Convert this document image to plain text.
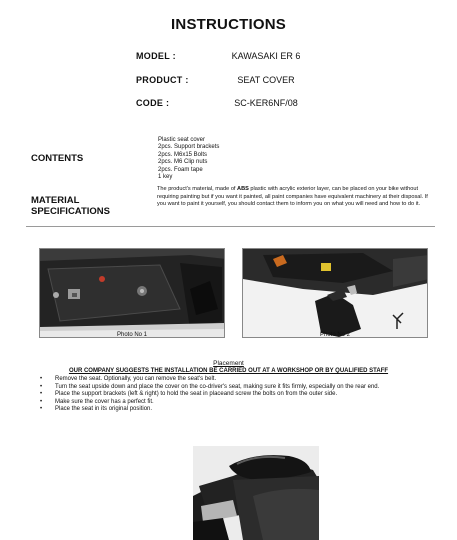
INSTRUCTIONS
MODEL :	KAWASAKI ER 6
PRODUCT :	SEAT COVER
CODE :	SC-KER6NF/08
CONTENTS
Plastic seat cover
2pcs. Support brackets
2pcs. M6x15 Bolts
2pcs. M6 Clip nuts
2pcs. Foam tape
1 key
MATERIAL
SPECIFICATIONS
The product's material, made of ABS plastic with acrylic exterior layer, can be placed on your bike without requiring painting but if you want it painted, all paint companies have equivalent machinery at their disposal. If you want to paint it yourself, you should contact them to inform you on what you will need and how to do it.
Photo No 1	Photo No 2
Placement
OUR COMPANY SUGGESTS THE INSTALLATION BE CARRIED OUT AT A WORKSHOP OR BY QUALIFIED STAFF
• Remove the seat. Optionally, you can remove the seat's belt.
• Turn the seat upside down and place the cover on the co-driver's seat, making sure it fits firmly, especially on the rear end.
• Place the support brackets (left & right) to hold the seat in placeand screw the bolts on from the outer side.
• Make sure the cover has a perfect fit.
• Place the seat in its original position.
